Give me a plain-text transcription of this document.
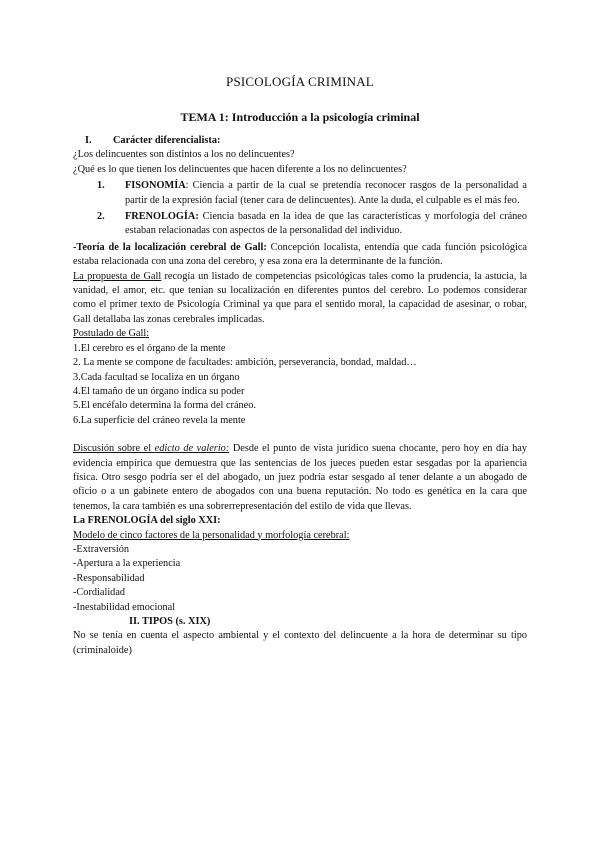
PSICOLOGÍA CRIMINAL
TEMA 1: Introducción a la psicología criminal

I. Carácter diferencialista:

¿Los delincuentes son distintos a los no delincuentes?

¿Qué es lo que tienen los delincuentes que hacen diferente a los no delincuentes?

1. FISONOMÍA: Ciencia a partir de la cual se pretendía reconocer rasgos de la personalidad a partir de la expresión facial (tener cara de delincuentes). Ante la duda, el culpable es el más feo.
2. FRENOLOGÍA: Ciencia basada en la idea de que las características y morfología del cráneo estaban relacionadas con aspectos de la personalidad del individuo.

-Teoría de la localización cerebral de Gall: Concepción localista, entendía que cada función psicológica estaba relacionada con una zona del cerebro, y esa zona era la determinante de la función.

La propuesta de Gall recogía un listado de competencias psicológicas tales como la prudencia, la astucia, la vanidad, el amor, etc. que tenían su localización en diferentes puntos del cerebro. Lo podemos considerar como el primer texto de Psicología Criminal ya que para el sentido moral, la capacidad de asesinar, o robar, Gall detallaba las zonas cerebrales implicadas.

Postulado de Gall:

1.El cerebro es el órgano de la mente

2. La mente se compone de facultades: ambición, perseverancia, bondad, maldad…

3.Cada facultad se localiza en un órgano

4.El tamaño de un órgano indica su poder

5.El encéfalo determina la forma del cráneo.

6.La superficie del cráneo revela la mente

Discusión sobre el edicto de valerio: Desde el punto de vista jurídico suena chocante, pero hoy en día hay evidencia empírica que demuestra que las sentencias de los jueces pueden estar sesgadas por la apariencia física. Otro sesgo podría ser el del abogado, un juez podría estar sesgado al tener delante a un abogado de oficio o a un gabinete entero de abogados con una buena reputación. No todo es genética en la cara que tenemos, la cara también es una sobrerrepresentación del estilo de vida que llevas.

La FRENOLOGÍA del siglo XXI:

Modelo de cinco factores de la personalidad y morfología cerebral:

-Extraversión

-Apertura a la experiencia

-Responsabilidad

-Cordialidad

-Inestabilidad emocional

II. TIPOS (s. XIX)

No se tenía en cuenta el aspecto ambiental y el contexto del delincuente a la hora de determinar su tipo (criminaloide)
